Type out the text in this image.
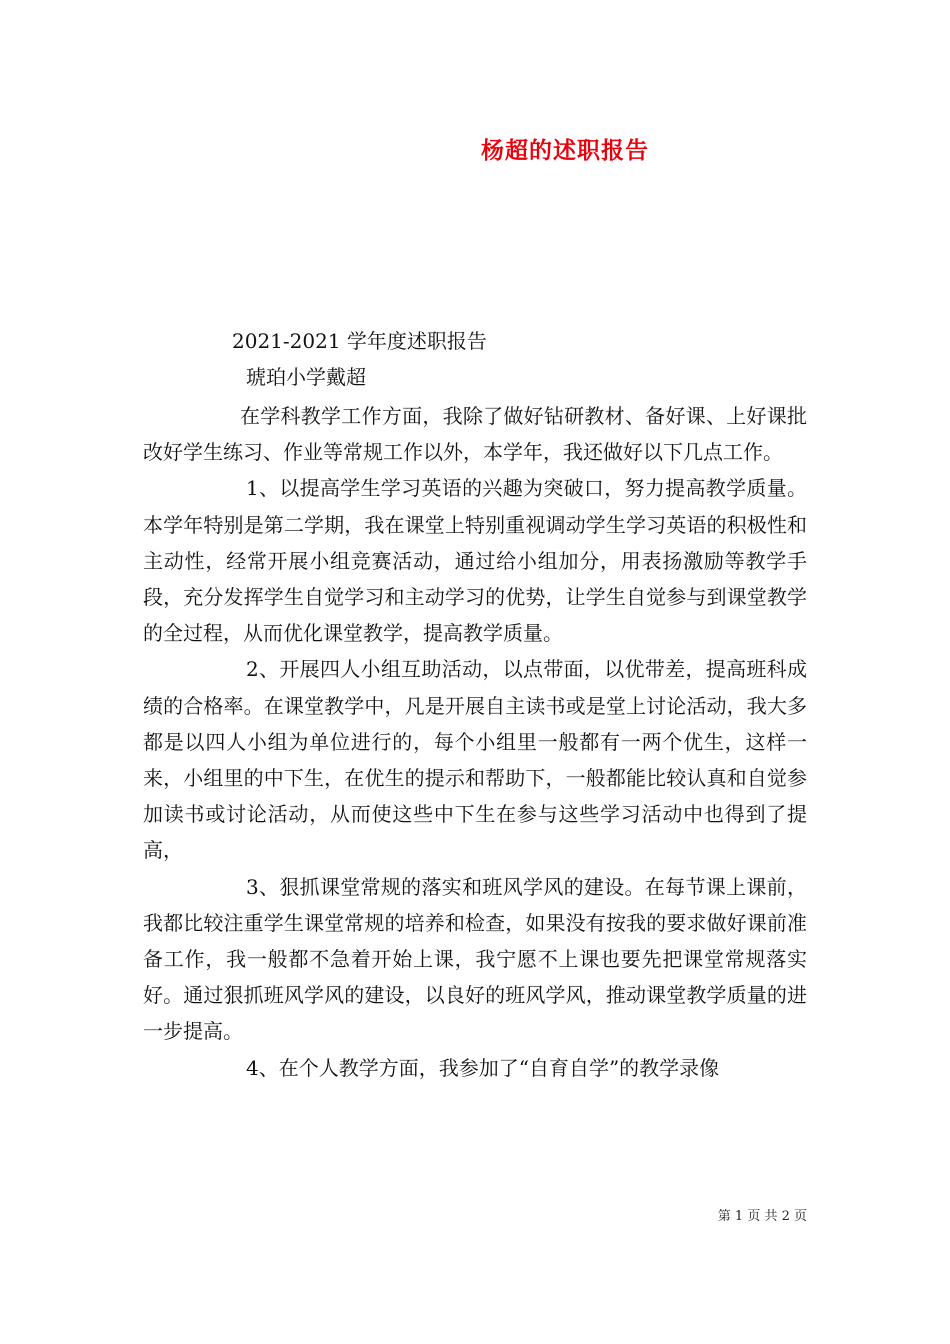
杨超的述职报告
2021-2021 学年度述职报告
琥珀小学戴超

在学科教学工作方面，我除了做好钻研教材、备好课、上好课批改好学生练习、作业等常规工作以外，本学年，我还做好以下几点工作。

1、以提高学生学习英语的兴趣为突破口，努力提高教学质量。本学年特别是第二学期，我在课堂上特别重视调动学生学习英语的积极性和主动性，经常开展小组竞赛活动，通过给小组加分，用表扬激励等教学手段，充分发挥学生自觉学习和主动学习的优势，让学生自觉参与到课堂教学的全过程，从而优化课堂教学，提高教学质量。

2、开展四人小组互助活动，以点带面，以优带差，提高班科成绩的合格率。在课堂教学中，凡是开展自主读书或是堂上讨论活动，我大多都是以四人小组为单位进行的，每个小组里一般都有一两个优生，这样一来，小组里的中下生，在优生的提示和帮助下，一般都能比较认真和自觉参加读书或讨论活动，从而使这些中下生在参与这些学习活动中也得到了提高，

3、狠抓课堂常规的落实和班风学风的建设。在每节课上课前，我都比较注重学生课堂常规的培养和检查，如果没有按我的要求做好课前准备工作，我一般都不急着开始上课，我宁愿不上课也要先把课堂常规落实好。通过狠抓班风学风的建设，以良好的班风学风，推动课堂教学质量的进一步提高。

4、在个人教学方面，我参加了“自育自学”的教学录像

第 1 页 共 2 页
